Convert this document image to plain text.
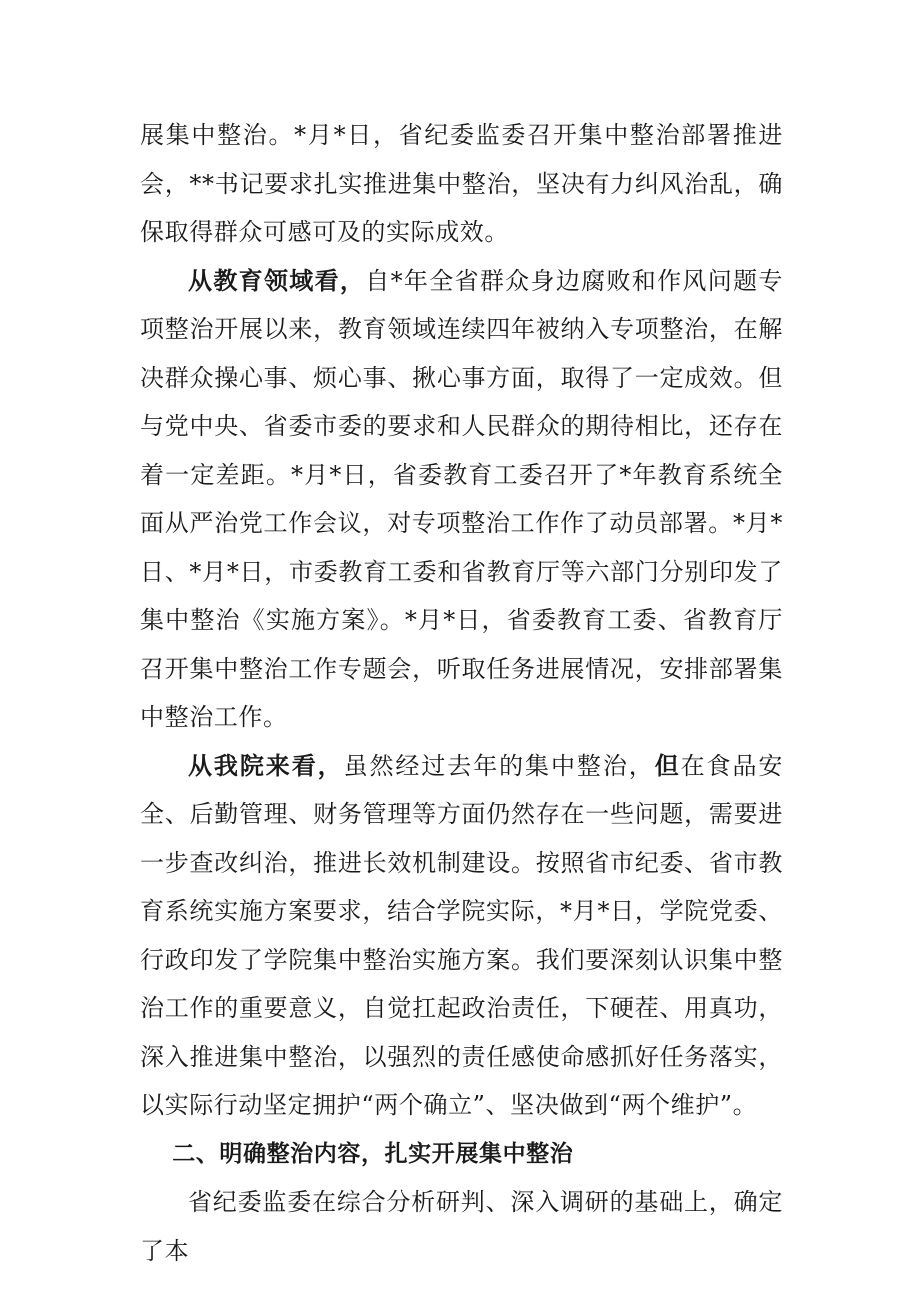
展集中整治。*月*日，省纪委监委召开集中整治部署推进会，**书记要求扎实推进集中整治，坚决有力纠风治乱，确保取得群众可感可及的实际成效。

从教育领域看，自*年全省群众身边腐败和作风问题专项整治开展以来，教育领域连续四年被纳入专项整治，在解决群众操心事、烦心事、揪心事方面，取得了一定成效。但与党中央、省委市委的要求和人民群众的期待相比，还存在着一定差距。*月*日，省委教育工委召开了*年教育系统全面从严治党工作会议，对专项整治工作作了动员部署。*月*日、*月*日，市委教育工委和省教育厅等六部门分别印发了集中整治《实施方案》。*月*日，省委教育工委、省教育厅召开集中整治工作专题会，听取任务进展情况，安排部署集中整治工作。

从我院来看，虽然经过去年的集中整治，但在食品安全、后勤管理、财务管理等方面仍然存在一些问题，需要进一步查改纠治，推进长效机制建设。按照省市纪委、省市教育系统实施方案要求，结合学院实际，*月*日，学院党委、行政印发了学院集中整治实施方案。我们要深刻认识集中整治工作的重要意义，自觉扛起政治责任，下硬茬、用真功，深入推进集中整治，以强烈的责任感使命感抓好任务落实，以实际行动坚定拥护“两个确立”、坚决做到“两个维护”。

二、明确整治内容，扎实开展集中整治

省纪委监委在综合分析研判、深入调研的基础上，确定了本
